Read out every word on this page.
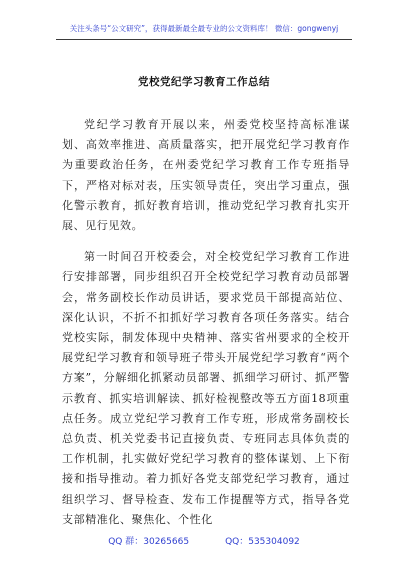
关注头条号“公文研究”，获得最新最全最专业的公文资料库！ 微信：gongwenyj
党校党纪学习教育工作总结

党纪学习教育开展以来，州委党校坚持高标准谋划、高效率推进、高质量落实，把开展党纪学习教育作为重要政治任务，在州委党纪学习教育工作专班指导下，严格对标对表，压实领导责任，突出学习重点，强化警示教育，抓好教育培训，推动党纪学习教育扎实开展、见行见效。

第一时间召开校委会，对全校党纪学习教育工作进行安排部署，同步组织召开全校党纪学习教育动员部署会，常务副校长作动员讲话，要求党员干部提高站位、深化认识，不折不扣抓好学习教育各项任务落实。结合党校实际，制发体现中央精神、落实省州要求的全校开展党纪学习教育和领导班子带头开展党纪学习教育“两个方案”，分解细化抓紧动员部署、抓细学习研讨、抓严警示教育、抓实培训解读、抓好检视整改等五方面18项重点任务。成立党纪学习教育工作专班，形成常务副校长总负责、机关党委书记直接负责、专班同志具体负责的工作机制，扎实做好党纪学习教育的整体谋划、上下衔接和指导推动。着力抓好各党支部党纪学习教育，通过组织学习、督导检查、发布工作提醒等方式，指导各党支部精准化、聚焦化、个性化

QQ 群：30265665	QQ：535304092
